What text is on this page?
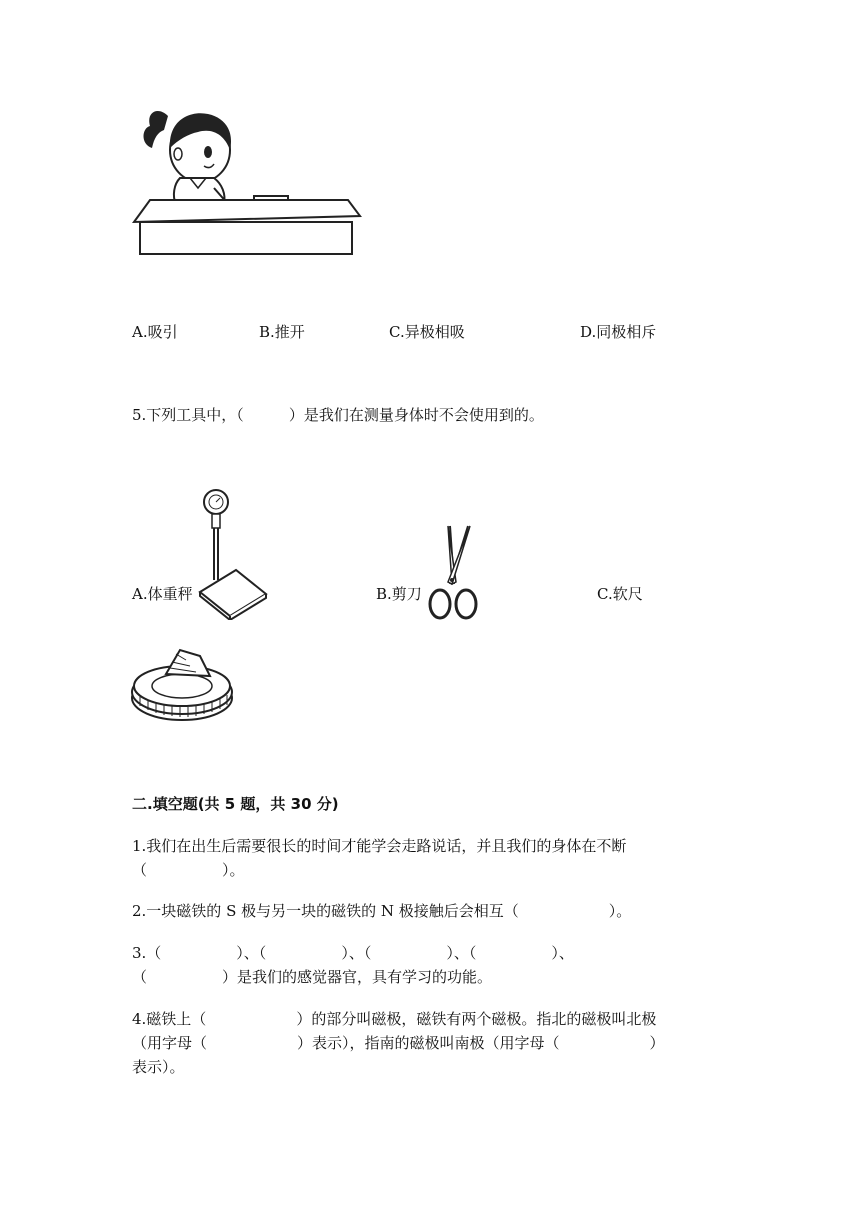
A.吸引	B.推开	C.异极相吸	D.同极相斥
5.下列工具中，（　　　）是我们在测量身体时不会使用到的。
A.体重秤	B.剪刀	C.软尺
二.填空题(共 5 题，共 30 分)
1.我们在出生后需要很长的时间才能学会走路说话，并且我们的身体在不断
（　　　　　）。
2.一块磁铁的 S 极与另一块的磁铁的 N 极接触后会相互（　　　　　　）。
3.（　　　　　）、（　　　　　）、（　　　　　）、（　　　　　）、
（　　　　　）是我们的感觉器官，具有学习的功能。
4.磁铁上（　　　　　　）的部分叫磁极，磁铁有两个磁极。指北的磁极叫北极
（用字母（　　　　　　）表示），指南的磁极叫南极（用字母（　　　　　　）
表示）。
